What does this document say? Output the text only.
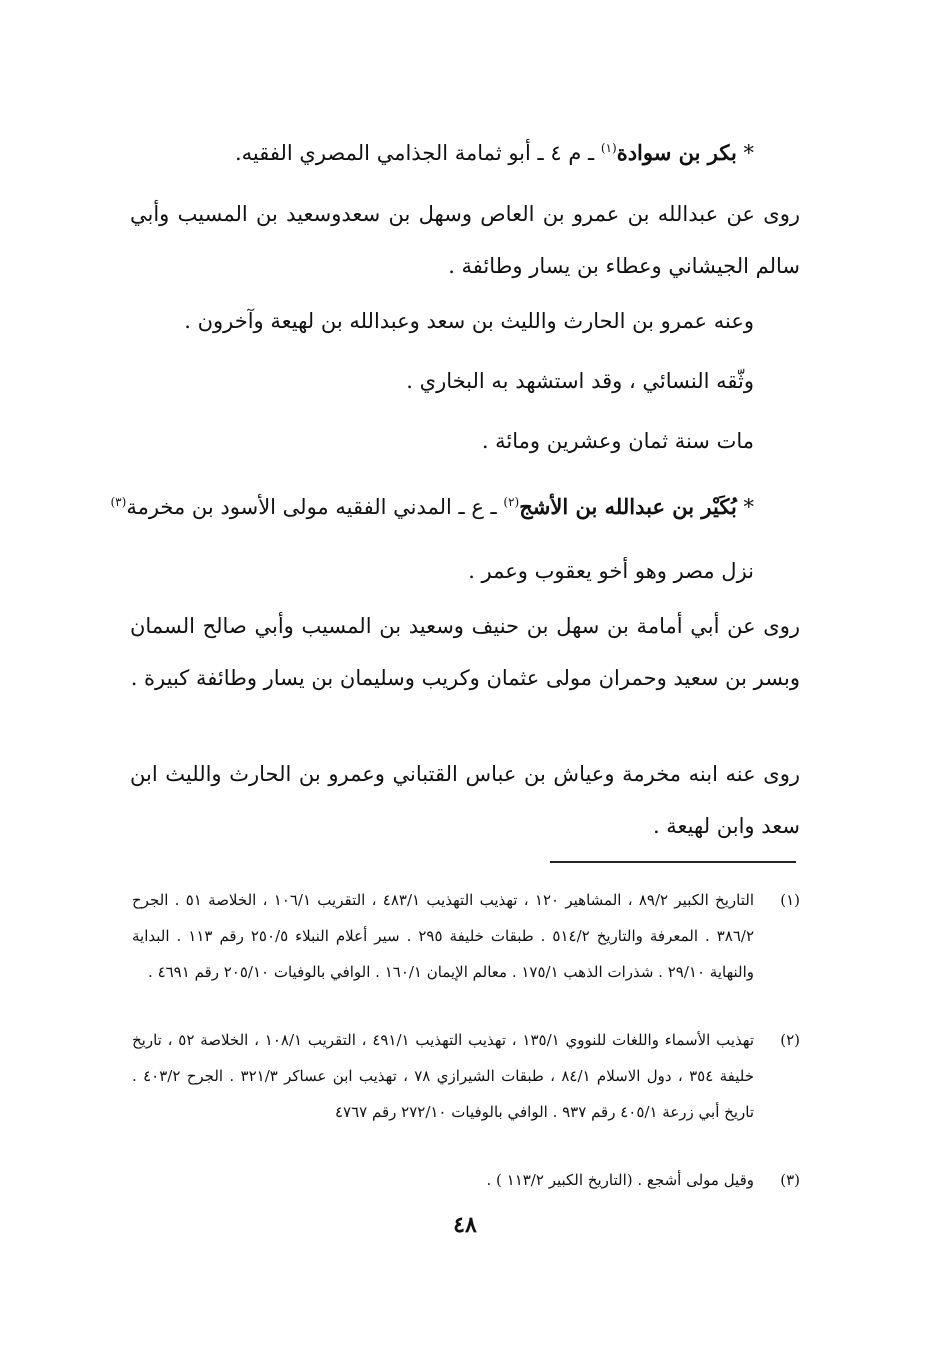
* بكر بن سوادة$^{(١)}$ ـ م ٤ ـ أبو ثمامة الجذامي المصري الفقيه.
روى عن عبدالله بن عمرو بن العاص وسهل بن سعدوسعيد بن المسيب وأبي سالم الجيشاني وعطاء بن يسار وطائفة .
وعنه عمرو بن الحارث والليث بن سعد وعبدالله بن لهيعة وآخرون .
وثّقه النسائي ، وقد استشهد به البخاري .
مات سنة ثمان وعشرين ومائة .
* بُكَيْر بن عبدالله بن الأشج$^{(٢)}$ ـ ع ـ المدني الفقيه مولى الأسود بن مخرمة$^{(٣)}$
نزل مصر وهو أخو يعقوب وعمر .
روى عن أبي أمامة بن سهل بن حنيف وسعيد بن المسيب وأبي صالح السمان وبسر بن سعيد وحمران مولى عثمان وكريب وسليمان بن يسار وطائفة كبيرة .
روى عنه ابنه مخرمة وعياش بن عباس القتباني وعمرو بن الحارث والليث ابن سعد وابن لهيعة .
(١)
التاريخ الكبير ٨٩/٢ ، المشاهير ١٢٠ ، تهذيب التهذيب ٤٨٣/١ ، التقريب ١٠٦/١ ، الخلاصة ٥١ . الجرح ٣٨٦/٢ . المعرفة والتاريخ ٥١٤/٢ . طبقات خليفة ٢٩٥ . سير أعلام النبلاء ٢٥٠/٥ رقم ١١٣ . البداية والنهاية ٢٩/١٠ . شذرات الذهب ١٧٥/١ . معالم الإيمان ١٦٠/١ . الوافي بالوفيات ٢٠٥/١٠ رقم ٤٦٩١ .
(٢)
تهذيب الأسماء واللغات للنووي ١٣٥/١ ، تهذيب التهذيب ٤٩١/١ ، التقريب ١٠٨/١ ، الخلاصة ٥٢ ، تاريخ خليفة ٣٥٤ ، دول الاسلام ٨٤/١ ، طبقات الشيرازي ٧٨ ، تهذيب ابن عساكر ٣٢١/٣ . الجرح ٤٠٣/٢ . تاريخ أبي زرعة ٤٠٥/١ رقم ٩٣٧ . الوافي بالوفيات ٢٧٢/١٠ رقم ٤٧٦٧
(٣)
وقيل مولى أشجع . (التاريخ الكبير ١١٣/٢ ) .
٤٨
